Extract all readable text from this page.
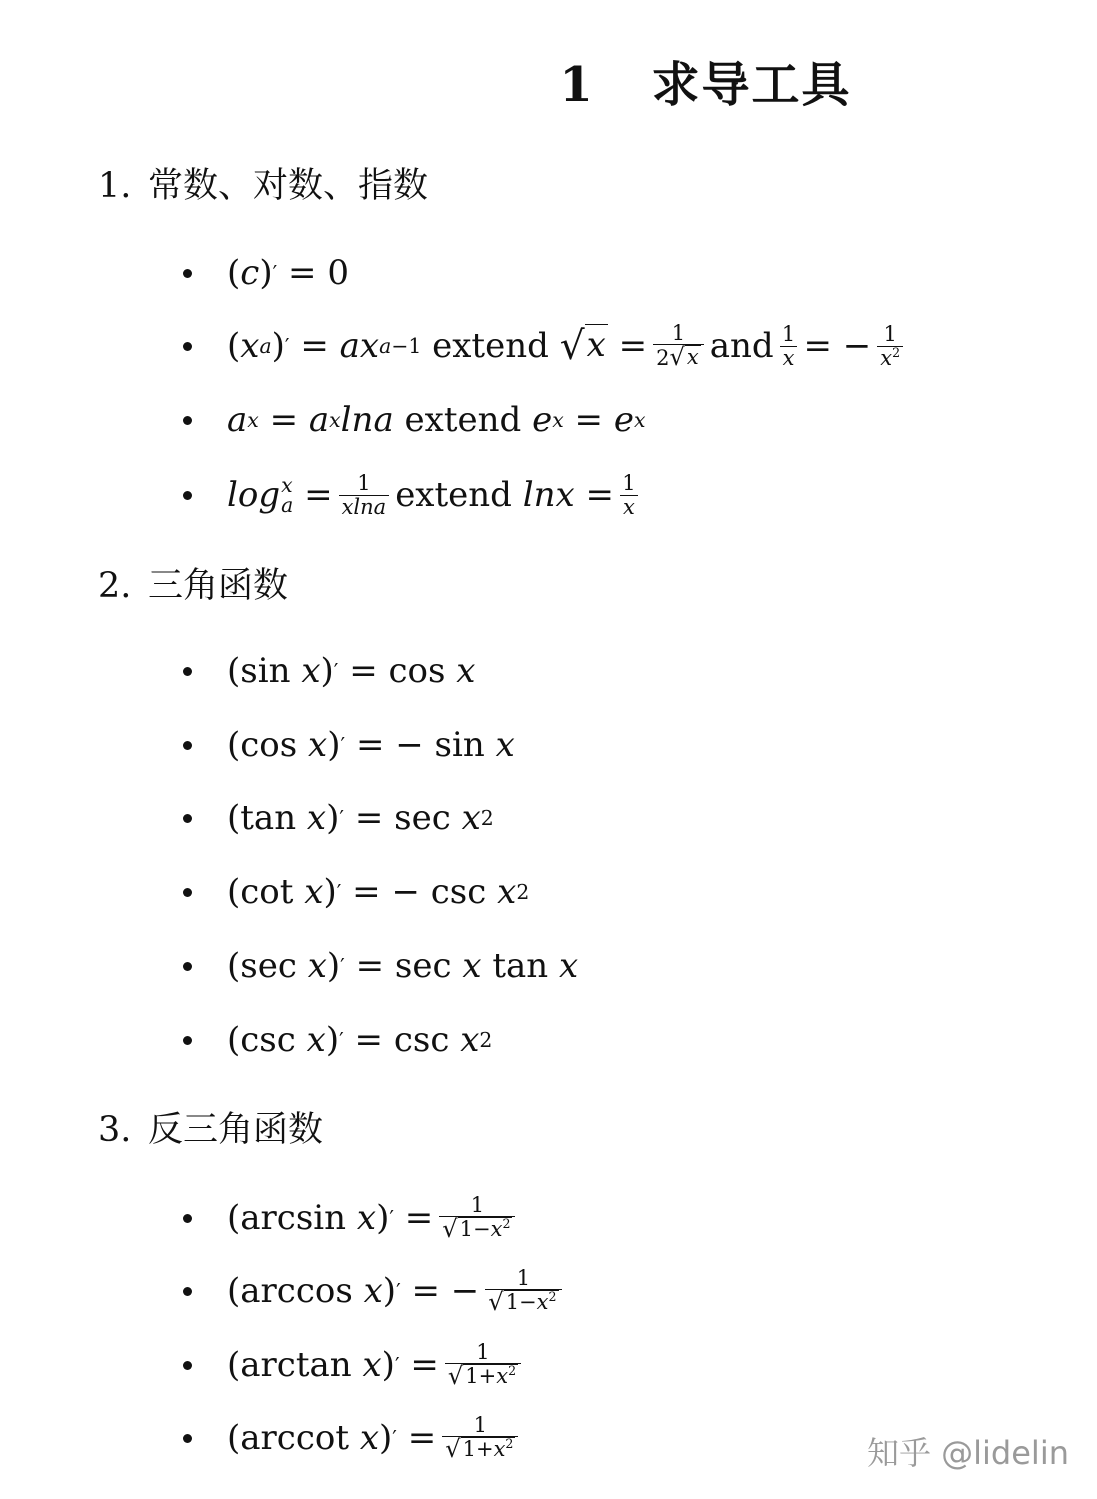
1 求导工具
1. 常数、对数、指数
( c ) ′ = 0
( x a ) ′ = ax a−1
extend
√ $x = \frac{1}{2 √ x}$ and $\frac{1}{x}$ = − $\frac{1}{x^2}$
a x = a x lna
extend
e x = e x
log x
$a = \frac{1}{xlna}$ extend
$\ln x = \frac{1}{x}$
2. 三角函数
( sin
x ) ′ = cos
x
( cos
x ) ′ = − sin
x
( tan
x ) ′ = sec
x 2
( cot
x ) ′ = − csc
x 2
( sec
x ) ′ = sec
x
tan
x
( csc
x ) ′ = csc
x 2
3. 反三角函数
( arcsin
x ) ′ = $\frac{1}{√ 1-x^2}$
( arccos
x ) ′ = − $\frac{1}{√ 1-x^2}$
( arctan
x ) ′ = $\frac{1}{√ 1+x^2}$
( arccot
x ) ′ = $\frac{1}{√ 1+x^2}$	知乎 @lidelin
